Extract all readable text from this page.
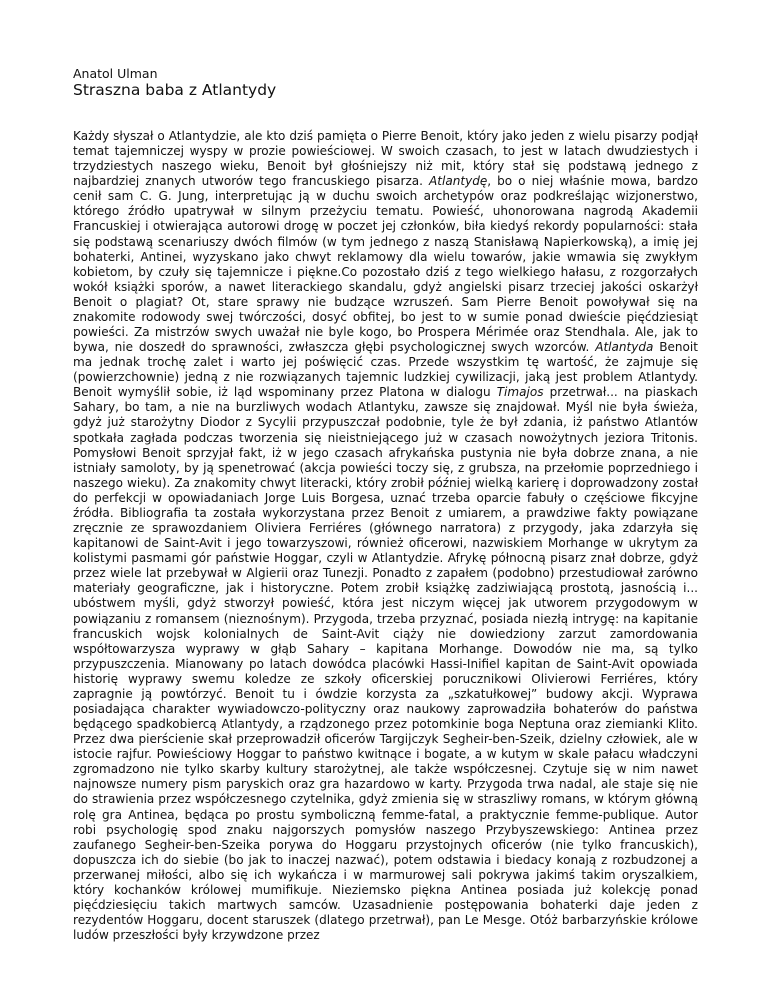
Anatol Ulman

Straszna baba z Atlantydy

Każdy słyszał o Atlantydzie, ale kto dziś pamięta o Pierre Benoit, który jako jeden z wielu pisarzy podjął temat tajemniczej wyspy w prozie powieściowej. W swoich czasach, to jest w latach dwudziestych i trzydziestych naszego wieku, Benoit był głośniejszy niż mit, który stał się podstawą jednego z najbardziej znanych utworów tego francuskiego pisarza. Atlantydę, bo o niej właśnie mowa, bardzo cenił sam C. G. Jung, interpretując ją w duchu swoich archetypów oraz podkreślając wizjonerstwo, którego źródło upatrywał w silnym przeżyciu tematu. Powieść, uhonorowana nagrodą Akademii Francuskiej i otwierająca autorowi drogę w poczet jej członków, biła kiedyś rekordy popularności: stała się podstawą scenariuszy dwóch filmów (w tym jednego z naszą Stanisławą Napierkowską), a imię jej bohaterki, Antinei, wyzyskano jako chwyt reklamowy dla wielu towarów, jakie wmawia się zwykłym kobietom, by czuły się tajemnicze i piękne.Co pozostało dziś z tego wielkiego hałasu, z rozgorzałych wokół książki sporów, a nawet literackiego skandalu, gdyż angielski pisarz trzeciej jakości oskarżył Benoit o plagiat? Ot, stare sprawy nie budzące wzruszeń. Sam Pierre Benoit powoływał się na znakomite rodowody swej twórczości, dosyć obfitej, bo jest to w sumie ponad dwieście pięćdziesiąt powieści. Za mistrzów swych uważał nie byle kogo, bo Prospera Mérimée oraz Stendhala. Ale, jak to bywa, nie doszedł do sprawności, zwłaszcza głębi psychologicznej swych wzorców. Atlantyda Benoit ma jednak trochę zalet i warto jej poświęcić czas. Przede wszystkim tę wartość, że zajmuje się (powierzchownie) jedną z nie rozwiązanych tajemnic ludzkiej cywilizacji, jaką jest problem Atlantydy. Benoit wymyślił sobie, iż ląd wspominany przez Platona w dialogu Timajos przetrwał... na piaskach Sahary, bo tam, a nie na burzliwych wodach Atlantyku, zawsze się znajdował. Myśl nie była świeża, gdyż już starożytny Diodor z Sycylii przypuszczał podobnie, tyle że był zdania, iż państwo Atlantów spotkała zagłada podczas tworzenia się nieistniejącego już w czasach nowożytnych jeziora Tritonis. Pomysłowi Benoit sprzyjał fakt, iż w jego czasach afrykańska pustynia nie była dobrze znana, a nie istniały samoloty, by ją spenetrować (akcja powieści toczy się, z grubsza, na przełomie poprzedniego i naszego wieku). Za znakomity chwyt literacki, który zrobił później wielką karierę i doprowadzony został do perfekcji w opowiadaniach Jorge Luis Borgesa, uznać trzeba oparcie fabuły o częściowe fikcyjne źródła. Bibliografia ta została wykorzystana przez Benoit z umiarem, a prawdziwe fakty powiązane zręcznie ze sprawozdaniem Oliviera Ferriéres (głównego narratora) z przygody, jaka zdarzyła się kapitanowi de Saint-Avit i jego towarzyszowi, również oficerowi, nazwiskiem Morhange w ukrytym za kolistymi pasmami gór państwie Hoggar, czyli w Atlantydzie. Afrykę północną pisarz znał dobrze, gdyż przez wiele lat przebywał w Algierii oraz Tunezji. Ponadto z zapałem (podobno) przestudiował zarówno materiały geograficzne, jak i historyczne. Potem zrobił książkę zadziwiającą prostotą, jasnością i... ubóstwem myśli, gdyż stworzył powieść, która jest niczym więcej jak utworem przygodowym w powiązaniu z romansem (nieznośnym). Przygoda, trzeba przyznać, posiada niezłą intrygę: na kapitanie francuskich wojsk kolonialnych de Saint-Avit ciąży nie dowiedziony zarzut zamordowania współtowarzysza wyprawy w głąb Sahary – kapitana Morhange. Dowodów nie ma, są tylko przypuszczenia. Mianowany po latach dowódca placówki Hassi-Inifiel kapitan de Saint-Avit opowiada historię wyprawy swemu koledze ze szkoły oficerskiej porucznikowi Olivierowi Ferriéres, który zapragnie ją powtórzyć. Benoit tu i ówdzie korzysta za „szkatułkowej” budowy akcji. Wyprawa posiadająca charakter wywiadowczo-polityczny oraz naukowy zaprowadziła bohaterów do państwa będącego spadkobiercą Atlantydy, a rządzonego przez potomkinie boga Neptuna oraz ziemianki Klito. Przez dwa pierścienie skał przeprowadził oficerów Targijczyk Segheir-ben-Szeik, dzielny człowiek, ale w istocie rajfur. Powieściowy Hoggar to państwo kwitnące i bogate, a w kutym w skale pałacu władczyni zgromadzono nie tylko skarby kultury starożytnej, ale także współczesnej. Czytuje się w nim nawet najnowsze numery pism paryskich oraz gra hazardowo w karty. Przygoda trwa nadal, ale staje się nie do strawienia przez współczesnego czytelnika, gdyż zmienia się w straszliwy romans, w którym główną rolę gra Antinea, będąca po prostu symboliczną femme-fatal, a praktycznie femme-publique. Autor robi psychologię spod znaku najgorszych pomysłów naszego Przybyszewskiego: Antinea przez zaufanego Segheir-ben-Szeika porywa do Hoggaru przystojnych oficerów (nie tylko francuskich), dopuszcza ich do siebie (bo jak to inaczej nazwać), potem odstawia i biedacy konają z rozbudzonej a przerwanej miłości, albo się ich wykańcza i w marmurowej sali pokrywa jakimś takim oryszalkiem, który kochanków królowej mumifikuje. Nieziemsko piękna Antinea posiada już kolekcję ponad pięćdziesięciu takich martwych samców. Uzasadnienie postępowania bohaterki daje jeden z rezydentów Hoggaru, docent staruszek (dlatego przetrwał), pan Le Mesge. Otóż barbarzyńskie królowe ludów przeszłości były krzywdzone przez
